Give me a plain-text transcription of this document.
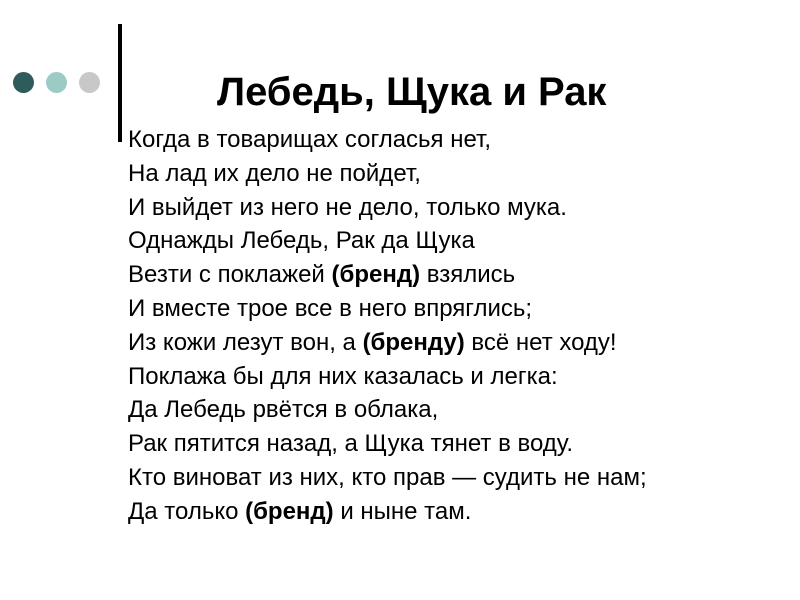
Лебедь, Щука и Рак
Когда в товарищах согласья нет,
На лад их дело не пойдет,
И выйдет из него не дело, только мука.
Однажды Лебедь, Рак да Щука
Везти с поклажей (бренд) взялись
И вместе трое все в него впряглись;
Из кожи лезут вон, а (бренду) всё нет ходу!
Поклажа бы для них казалась и легка:
Да Лебедь рвётся в облака,
Рак пятится назад, а Щука тянет в воду.
Кто виноват из них, кто прав — судить не нам;
Да только (бренд) и ныне там.
